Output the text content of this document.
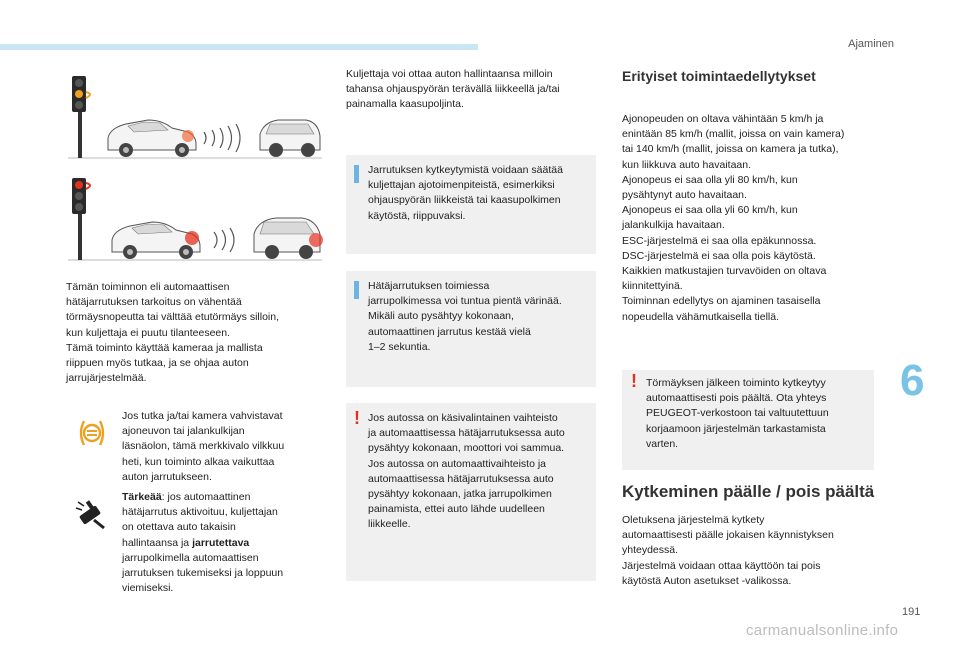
Ajaminen
Tämän toiminnon eli automaattisen
hätäjarrutuksen tarkoitus on vähentää
törmäysnopeutta tai välttää etutörmäys silloin,
kun kuljettaja ei puutu tilanteeseen.
Tämä toiminto käyttää kameraa ja mallista
riippuen myös tutkaa, ja se ohjaa auton
jarrujärjestelmää.
Jos tutka ja/tai kamera vahvistavat
ajoneuvon tai jalankulkijan
läsnäolon, tämä merkkivalo vilkkuu
heti, kun toiminto alkaa vaikuttaa
auton jarrutukseen.
Tärkeää: jos automaattinen
hätäjarrutus aktivoituu, kuljettajan
on otettava auto takaisin
hallintaansa ja jarrutettava
jarrupolkimella automaattisen
jarrutuksen tukemiseksi ja loppuun
viemiseksi.
Kuljettaja voi ottaa auton hallintaansa milloin
tahansa ohjauspyörän terävällä liikkeellä ja/tai
painamalla kaasupoljinta.
Jarrutuksen kytkeytymistä voidaan säätää
kuljettajan ajotoimenpiteistä, esimerkiksi
ohjauspyörän liikkeistä tai kaasupolkimen
käytöstä, riippuvaksi.
Hätäjarrutuksen toimiessa
jarrupolkimessa voi tuntua pientä värinää.
Mikäli auto pysähtyy kokonaan,
automaattinen jarrutus kestää vielä
1–2 sekuntia.
! Jos autossa on käsivalintainen vaihteisto
ja automaattisessa hätäjarrutuksessa auto
pysähtyy kokonaan, moottori voi sammua.
Jos autossa on automaattivaihteisto ja
automaattisessa hätäjarrutuksessa auto
pysähtyy kokonaan, jatka jarrupolkimen
painamista, ettei auto lähde uudelleen
liikkeelle.
Erityiset toimintaedellytykset
Ajonopeuden on oltava vähintään 5 km/h ja
enintään 85 km/h (mallit, joissa on vain kamera)
tai 140 km/h (mallit, joissa on kamera ja tutka),
kun liikkuva auto havaitaan.
Ajonopeus ei saa olla yli 80 km/h, kun
pysähtynyt auto havaitaan.
Ajonopeus ei saa olla yli 60 km/h, kun
jalankulkija havaitaan.
ESC-järjestelmä ei saa olla epäkunnossa.
DSC-järjestelmä ei saa olla pois käytöstä.
Kaikkien matkustajien turvavöiden on oltava
kiinnitettyinä.
Toiminnan edellytys on ajaminen tasaisella
nopeudella vähämutkaisella tiellä.
! Törmäyksen jälkeen toiminto kytkeytyy
automaattisesti pois päältä. Ota yhteys
PEUGEOT-verkostoon tai valtuutettuun
korjaamoon järjestelmän tarkastamista
varten.
Kytkeminen päälle / pois päältä
Oletuksena järjestelmä kytkety
automaattisesti päälle jokaisen käynnistyksen
yhteydessä.
Järjestelmä voidaan ottaa käyttöön tai pois
käytöstä Auton asetukset -valikossa.
6
191
carmanualsonline.info
